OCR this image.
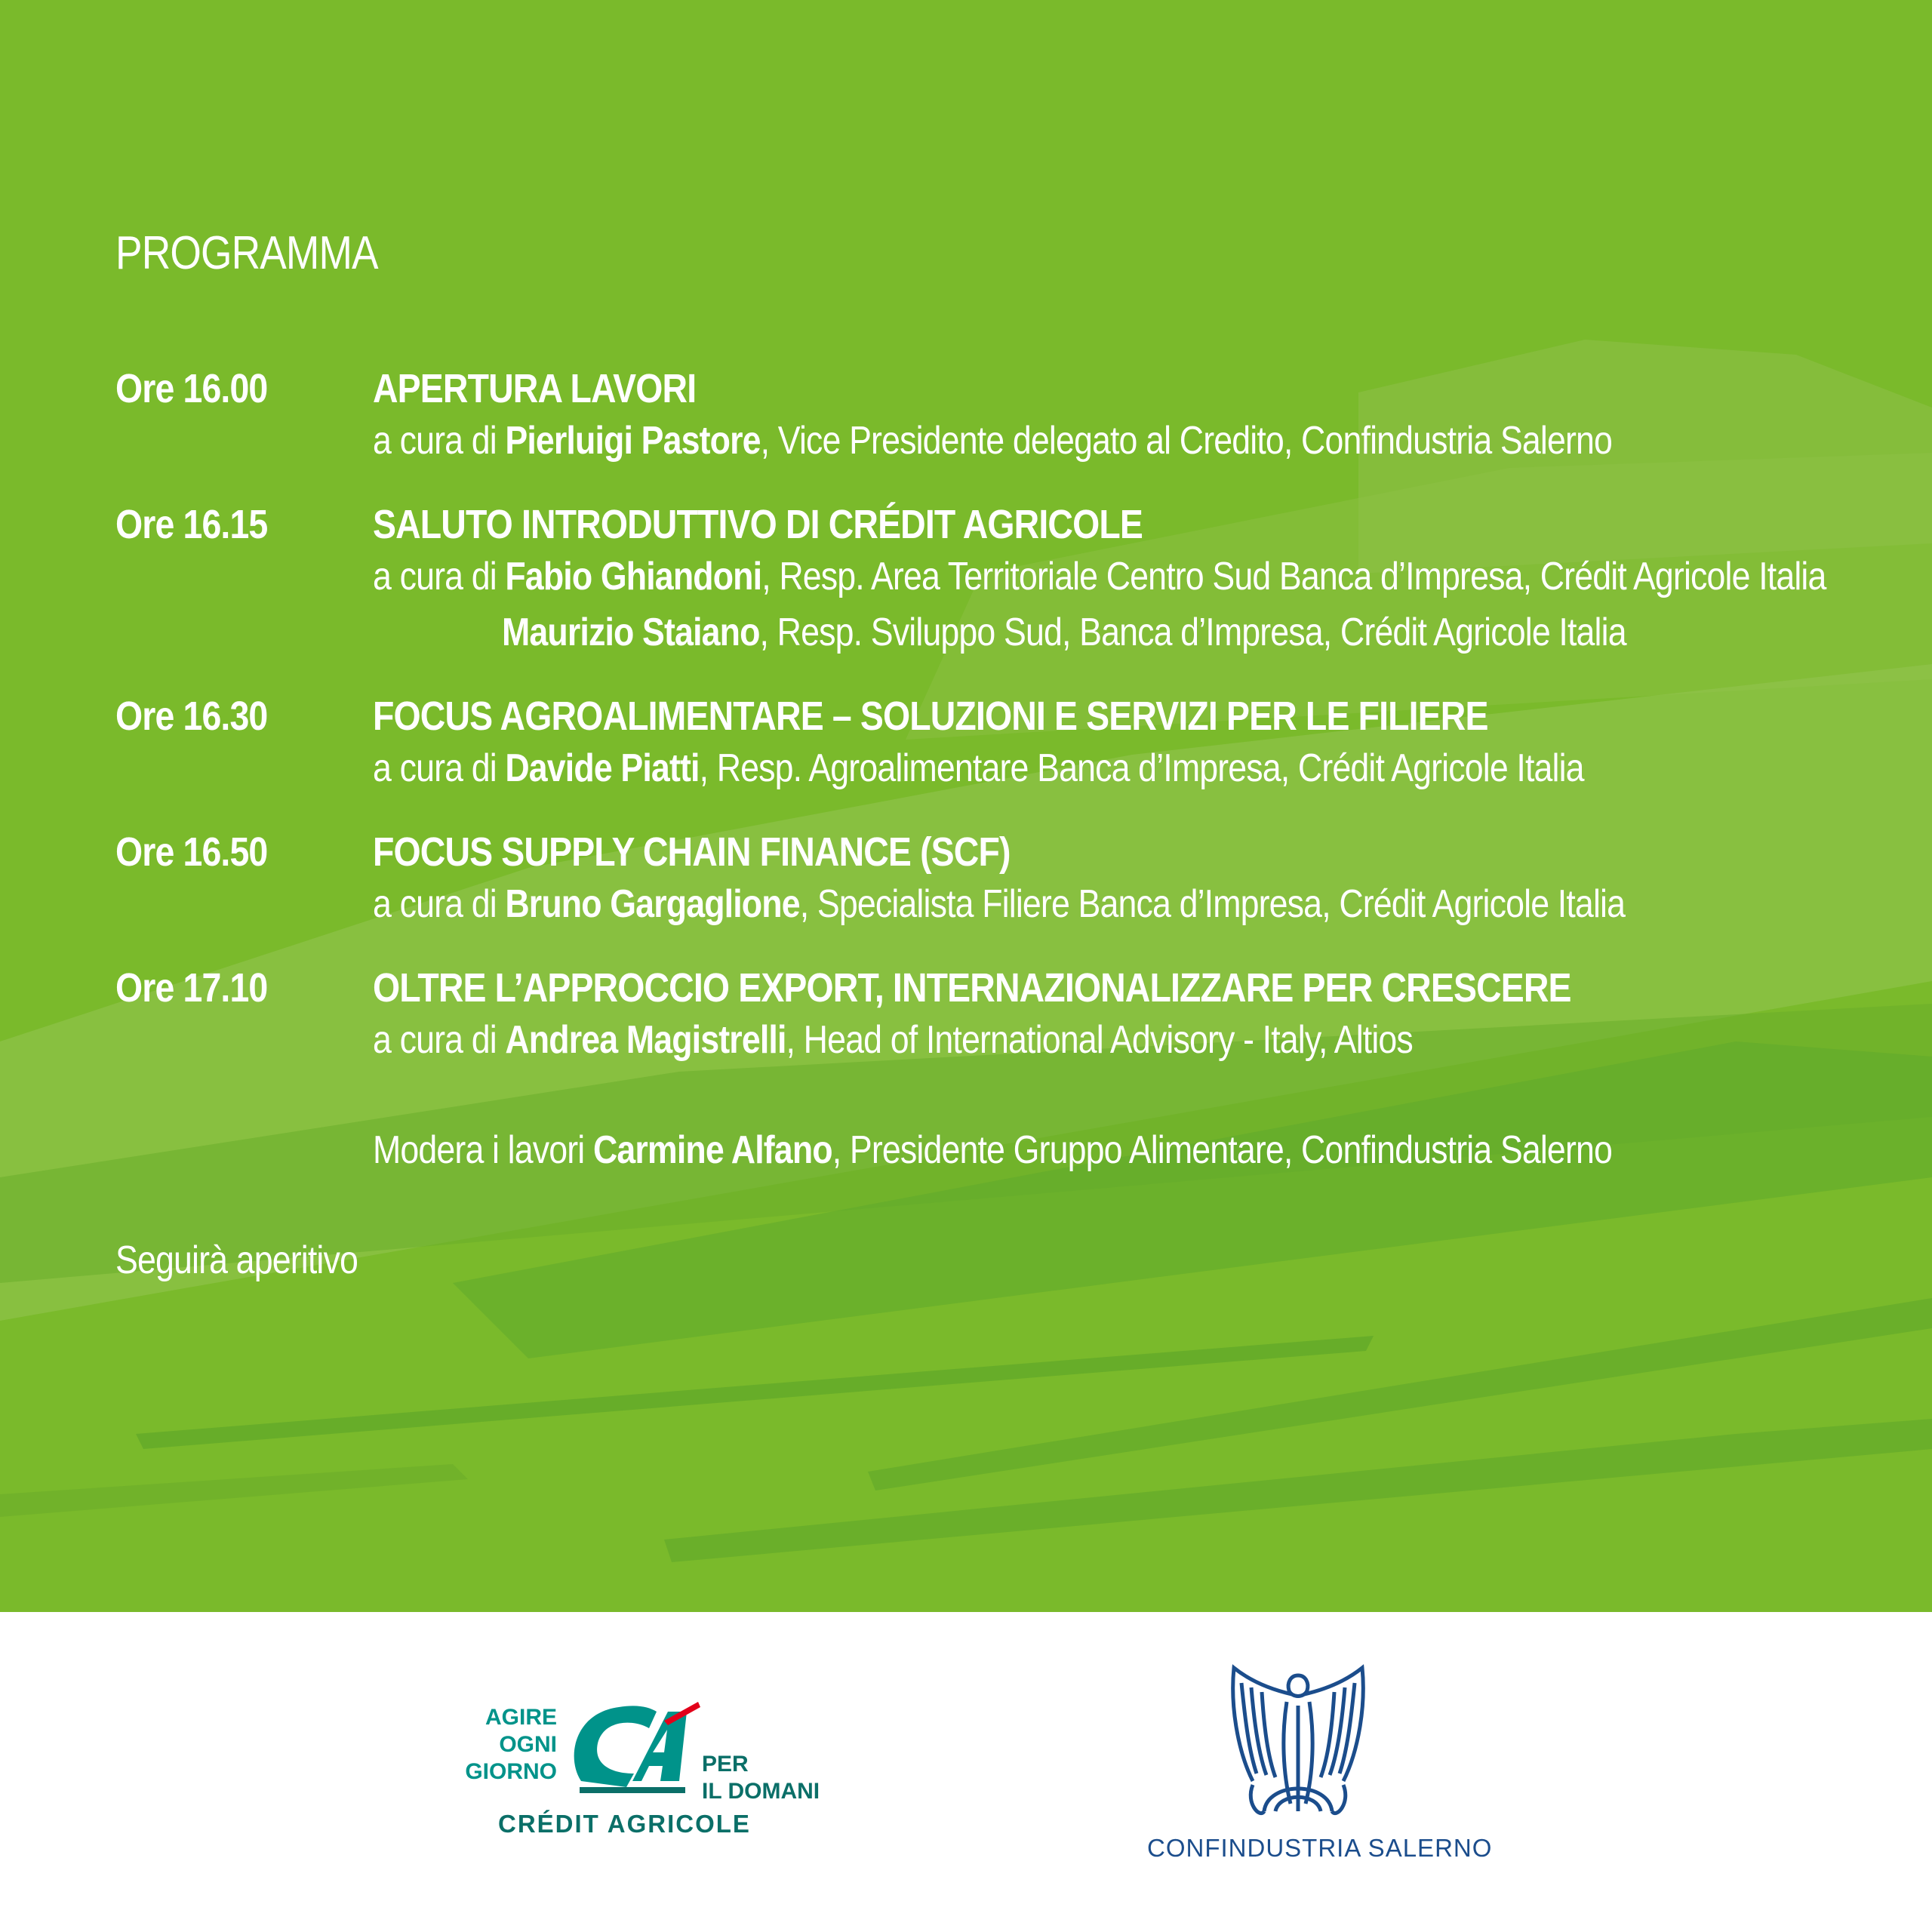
PROGRAMMA
Ore 16.00	APERTURA LAVORI
a cura di Pierluigi Pastore, Vice Presidente delegato al Credito, Confindustria Salerno
Ore 16.15	SALUTO INTRODUTTIVO DI CRÉDIT AGRICOLE
a cura di Fabio Ghiandoni, Resp. Area Territoriale Centro Sud Banca d’Impresa, Crédit Agricole Italia
Maurizio Staiano, Resp. Sviluppo Sud, Banca d’Impresa, Crédit Agricole Italia
Ore 16.30	FOCUS AGROALIMENTARE – SOLUZIONI E SERVIZI PER LE FILIERE
a cura di Davide Piatti, Resp. Agroalimentare Banca d’Impresa, Crédit Agricole Italia
Ore 16.50	FOCUS SUPPLY CHAIN FINANCE (SCF)
a cura di Bruno Gargaglione, Specialista Filiere Banca d’Impresa, Crédit Agricole Italia
Ore 17.10	OLTRE L’APPROCCIO EXPORT, INTERNAZIONALIZZARE PER CRESCERE
a cura di Andrea Magistrelli, Head of International Advisory - Italy, Altios
Modera i lavori Carmine Alfano, Presidente Gruppo Alimentare, Confindustria Salerno
Seguirà aperitivo
AGIRE OGNI
GIORNO	PER
IL DOMANI
CRÉDIT AGRICOLE
CONFINDUSTRIA SALERNO
